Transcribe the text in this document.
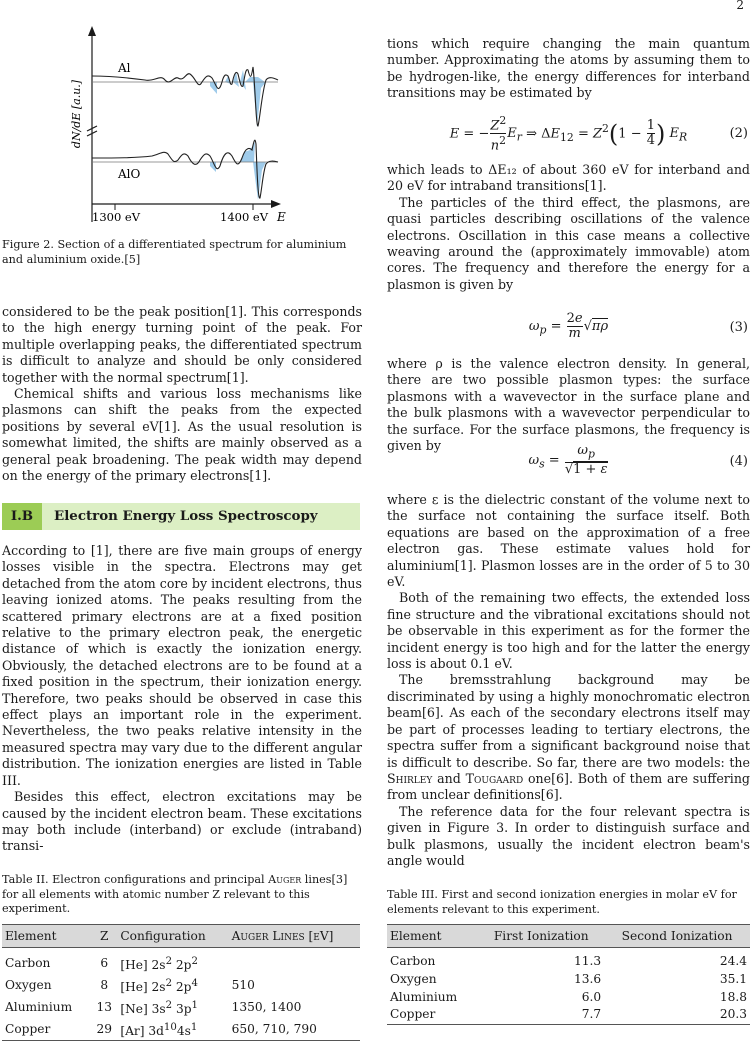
2
dN/dE [a.u.]
Al
AlO
1300 eV	1400 eV E
Figure 2. Section of a differentiated spectrum for aluminium and aluminium oxide.[5]

considered to be the peak position[1]. This corresponds to the high energy turning point of the peak. For multiple overlapping peaks, the differentiated spectrum is difficult to analyze and should be only considered together with the normal spectrum[1].

Chemical shifts and various loss mechanisms like plasmons can shift the peaks from the expected positions by several eV[1]. As the usual resolution is somewhat limited, the shifts are mainly observed as a general peak broadening. The peak width may depend on the energy of the primary electrons[1].

I.B	Electron Energy Loss Spectroscopy

According to [1], there are five main groups of energy losses visible in the spectra. Electrons may get detached from the atom core by incident electrons, thus leaving ionized atoms. The peaks resulting from the scattered primary electrons are at a fixed position relative to the primary electron peak, the energetic distance of which is exactly the ionization energy. Obviously, the detached electrons are to be found at a fixed position in the spectrum, their ionization energy. Therefore, two peaks should be observed in case this effect plays an important role in the experiment. Nevertheless, the two peaks relative intensity in the measured spectra may vary due to the different angular distribution. The ionization energies are listed in Table III.

Besides this effect, electron excitations may be caused by the incident electron beam. These excitations may both include (interband) or exclude (intraband) transi-

Table II. Electron configurations and principal Auger lines[3] for all elements with atomic number Z relevant to this experiment.
Element	Z	Configuration	Auger Lines [eV]

Carbon	6	[He] $2s^2$ $2p^2$	
Oxygen	8	[He] $2s^2$ $2p^4$	510
Aluminium	13	[Ne] $3s^2$ $3p^1$	1350, 1400
Copper	29	[Ar] $3d^{10}4s^1$	650, 710, 790

tions which require changing the main quantum number. Approximating the atoms by assuming them to be hydrogen-like, the energy differences for interband transitions may be estimated by

E = − $\frac{Z^2}{n^2} E_r$ ⇒ $\Delta E_{12} = Z^2(1 - \frac{1}{4}$ ) $E_R$	(2)

which leads to ΔE₁₂ of about 360 eV for interband and 20 eV for intraband transitions[1].

The particles of the third effect, the plasmons, are quasi particles describing oscillations of the valence electrons. Oscillation in this case means a collective weaving around the (approximately immovable) atom cores. The frequency and therefore the energy for a plasmon is given by

$\omega_p = \frac{2e}{m} √\pi\rho$	(3)

where ρ is the valence electron density. In general, there are two possible plasmon types: the surface plasmons with a wavevector in the surface plane and the bulk plasmons with a wavevector perpendicular to the surface. For the surface plasmons, the frequency is given by

$\omega_s = \frac{\omega_p}{√1 + \varepsilon}$	(4)

where ε is the dielectric constant of the volume next to the surface not containing the surface itself. Both equations are based on the approximation of a free electron gas. These estimate values hold for aluminium[1]. Plasmon losses are in the order of 5 to 30 eV.

Both of the remaining two effects, the extended loss fine structure and the vibrational excitations should not be observable in this experiment as for the former the incident energy is too high and for the latter the energy loss is about 0.1 eV.

The bremsstrahlung background may be discriminated by using a highly monochromatic electron beam[6]. As each of the secondary electrons itself may be part of processes leading to tertiary electrons, the spectra suffer from a significant background noise that is difficult to describe. So far, there are two models: the Shirley and Tougaard one[6]. Both of them are suffering from unclear definitions[6].

The reference data for the four relevant spectra is given in Figure 3. In order to distinguish surface and bulk plasmons, usually the incident electron beam's angle would

Table III. First and second ionization energies in molar eV for elements relevant to this experiment.
Element	First Ionization	Second Ionization

Carbon	11.3	24.4
Oxygen	13.6	35.1
Aluminium	6.0	18.8
Copper	7.7	20.3
